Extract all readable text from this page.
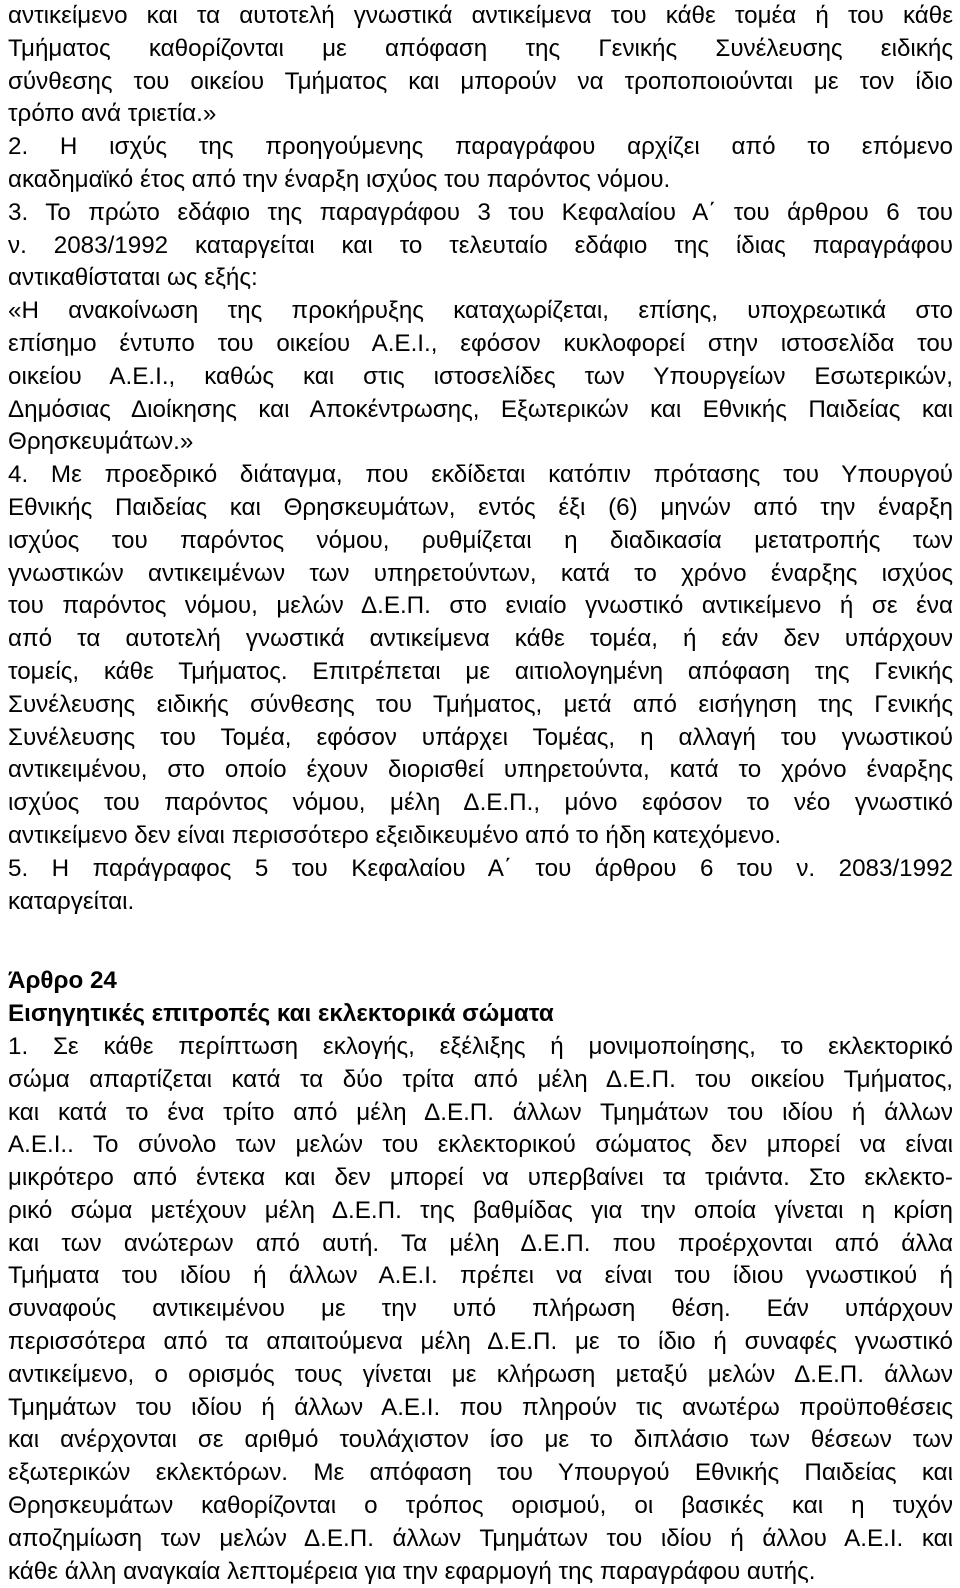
αντικείμενο και τα αυτοτελή γνωστικά αντικείμενα του κάθε τομέα ή του κάθε
Τμήματος καθορίζονται με απόφαση της Γενικής Συνέλευσης ειδικής
σύνθεσης του οικείου Τμήματος και μπορούν να τροποποιούνται με τον ίδιο
τρόπο ανά τριετία.»
2. Η ισχύς της προηγούμενης παραγράφου αρχίζει από το επόμενο
ακαδημαϊκό έτος από την έναρξη ισχύος του παρόντος νόμου.
3. Το πρώτο εδάφιο της παραγράφου 3 του Κεφαλαίου Α΄ του άρθρου 6 του
ν. 2083/1992 καταργείται και το τελευταίο εδάφιο της ίδιας παραγράφου
αντικαθίσταται ως εξής:
«Η ανακοίνωση της προκήρυξης καταχωρίζεται, επίσης, υποχρεωτικά στο
επίσημο έντυπο του οικείου Α.Ε.Ι., εφόσον κυκλοφορεί στην ιστοσελίδα του
οικείου Α.Ε.Ι., καθώς και στις ιστοσελίδες των Υπουργείων Εσωτερικών,
Δημόσιας Διοίκησης και Αποκέντρωσης, Εξωτερικών και Εθνικής Παιδείας και
Θρησκευμάτων.»
4. Με προεδρικό διάταγμα, που εκδίδεται κατόπιν πρότασης του Υπουργού
Εθνικής Παιδείας και Θρησκευμάτων, εντός έξι (6) μηνών από την έναρξη
ισχύος του παρόντος νόμου, ρυθμίζεται η διαδικασία μετατροπής των
γνωστικών αντικειμένων των υπηρετούντων, κατά το χρόνο έναρξης ισχύος
του παρόντος νόμου, μελών Δ.Ε.Π. στο ενιαίο γνωστικό αντικείμενο ή σε ένα
από τα αυτοτελή γνωστικά αντικείμενα κάθε τομέα, ή εάν δεν υπάρχουν
τομείς, κάθε Τμήματος. Επιτρέπεται με αιτιολογημένη απόφαση της Γενικής
Συνέλευσης ειδικής σύνθεσης του Τμήματος, μετά από εισήγηση της Γενικής
Συνέλευσης του Τομέα, εφόσον υπάρχει Τομέας, η αλλαγή του γνωστικού
αντικειμένου, στο οποίο έχουν διορισθεί υπηρετούντα, κατά το χρόνο έναρξης
ισχύος του παρόντος νόμου, μέλη Δ.Ε.Π., μόνο εφόσον το νέο γνωστικό
αντικείμενο δεν είναι περισσότερο εξειδικευμένο από το ήδη κατεχόμενο.
5. Η παράγραφος 5 του Κεφαλαίου Α΄ του άρθρου 6 του ν. 2083/1992
καταργείται.
Άρθρο 24
Εισηγητικές επιτροπές και εκλεκτορικά σώματα
1. Σε κάθε περίπτωση εκλογής, εξέλιξης ή μονιμοποίησης, το εκλεκτορικό
σώμα απαρτίζεται κατά τα δύο τρίτα από μέλη Δ.Ε.Π. του οικείου Τμήματος,
και κατά το ένα τρίτο από μέλη Δ.Ε.Π. άλλων Τμημάτων του ιδίου ή άλλων
Α.Ε.Ι.. Το σύνολο των μελών του εκλεκτορικού σώματος δεν μπορεί να είναι
μικρότερο από έντεκα και δεν μπορεί να υπερβαίνει τα τριάντα. Στο εκλεκτο-
ρικό σώμα μετέχουν μέλη Δ.Ε.Π. της βαθμίδας για την οποία γίνεται η κρίση
και των ανώτερων από αυτή. Τα μέλη Δ.Ε.Π. που προέρχονται από άλλα
Τμήματα του ιδίου ή άλλων Α.Ε.Ι. πρέπει να είναι του ίδιου γνωστικού ή
συναφούς αντικειμένου με την υπό πλήρωση θέση. Εάν υπάρχουν
περισσότερα από τα απαιτούμενα μέλη Δ.Ε.Π. με το ίδιο ή συναφές γνωστικό
αντικείμενο, ο ορισμός τους γίνεται με κλήρωση μεταξύ μελών Δ.Ε.Π. άλλων
Τμημάτων του ιδίου ή άλλων Α.Ε.Ι. που πληρούν τις ανωτέρω προϋποθέσεις
και ανέρχονται σε αριθμό τουλάχιστον ίσο με το διπλάσιο των θέσεων των
εξωτερικών εκλεκτόρων. Με απόφαση του Υπουργού Εθνικής Παιδείας και
Θρησκευμάτων καθορίζονται ο τρόπος ορισμού, οι βασικές και η τυχόν
αποζημίωση των μελών Δ.Ε.Π. άλλων Τμημάτων του ιδίου ή άλλου Α.Ε.Ι. και
κάθε άλλη αναγκαία λεπτομέρεια για την εφαρμογή της παραγράφου αυτής.
